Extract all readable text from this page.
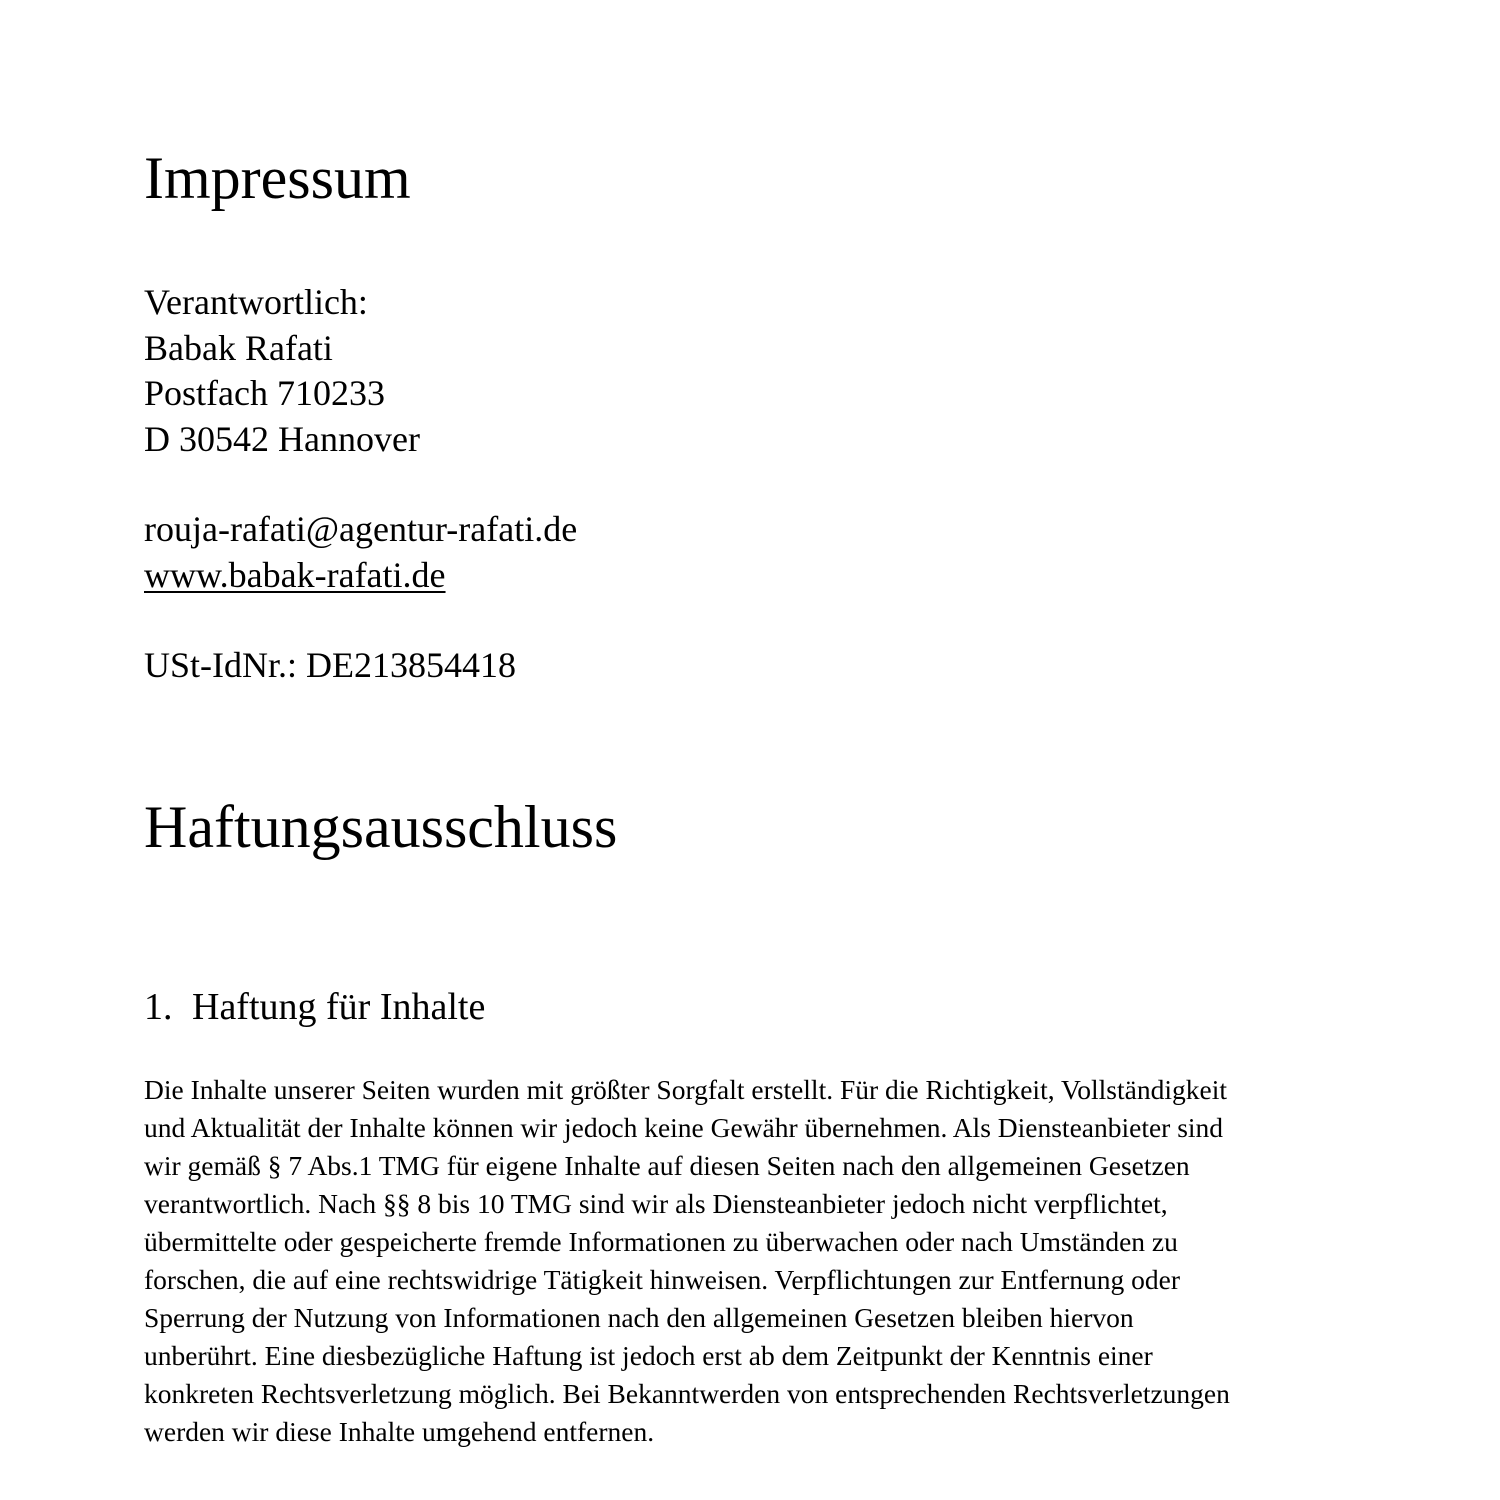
Impressum
Verantwortlich:
Babak Rafati
Postfach 710233
D 30542 Hannover
rouja-rafati@agentur-rafati.de
www.babak-rafati.de
USt-IdNr.: DE213854418
Haftungsausschluss
1. Haftung für Inhalte
Die Inhalte unserer Seiten wurden mit größter Sorgfalt erstellt. Für die Richtigkeit, Vollständigkeit
und Aktualität der Inhalte können wir jedoch keine Gewähr übernehmen. Als Diensteanbieter sind
wir gemäß § 7 Abs.1 TMG für eigene Inhalte auf diesen Seiten nach den allgemeinen Gesetzen
verantwortlich. Nach §§ 8 bis 10 TMG sind wir als Diensteanbieter jedoch nicht verpflichtet,
übermittelte oder gespeicherte fremde Informationen zu überwachen oder nach Umständen zu
forschen, die auf eine rechtswidrige Tätigkeit hinweisen. Verpflichtungen zur Entfernung oder
Sperrung der Nutzung von Informationen nach den allgemeinen Gesetzen bleiben hiervon
unberührt. Eine diesbezügliche Haftung ist jedoch erst ab dem Zeitpunkt der Kenntnis einer
konkreten Rechtsverletzung möglich. Bei Bekanntwerden von entsprechenden Rechtsverletzungen
werden wir diese Inhalte umgehend entfernen.
